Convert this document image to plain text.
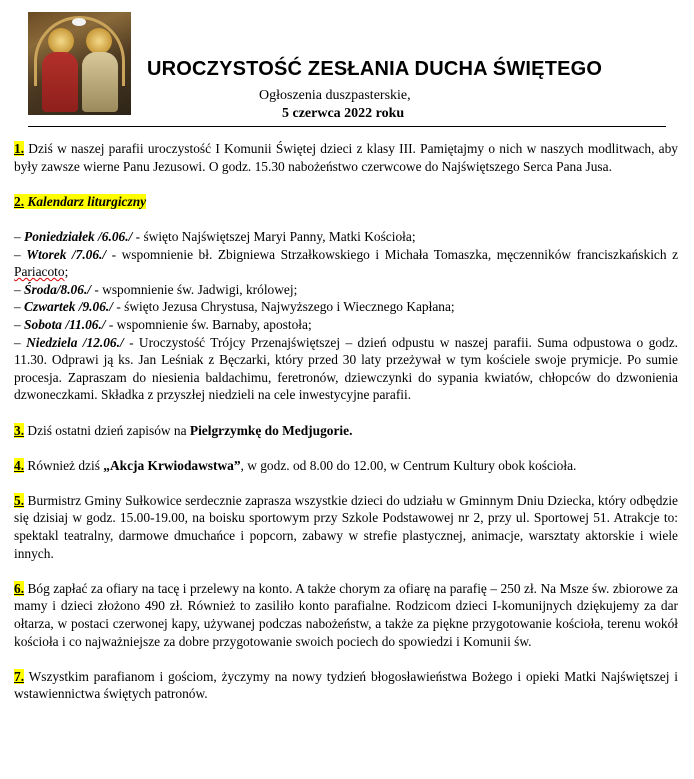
UROCZYSTOŚĆ ZESŁANIA DUCHA ŚWIĘTEGO
Ogłoszenia duszpasterskie,
5 czerwca 2022 roku

1. Dziś w naszej parafii uroczystość I Komunii Świętej dzieci z klasy III. Pamiętajmy o nich w naszych modlitwach, aby były zawsze wierne Panu Jezusowi. O godz. 15.30 nabożeństwo czerwcowe do Najświętszego Serca Pana Jusa.

2. Kalendarz liturgiczny

– Poniedziałek /6.06./ - święto Najświętszej Maryi Panny, Matki Kościoła;
– Wtorek /7.06./ - wspomnienie bł. Zbigniewa Strzałkowskiego i Michała Tomaszka, męczenników franciszkańskich z Pariacoto;
– Środa/8.06./ - wspomnienie św. Jadwigi, królowej;
– Czwartek /9.06./ - święto Jezusa Chrystusa, Najwyższego i Wiecznego Kapłana;
– Sobota /11.06./ - wspomnienie św. Barnaby, apostoła;
– Niedziela /12.06./ - Uroczystość Trójcy Przenajświętszej – dzień odpustu w naszej parafii. Suma odpustowa o godz. 11.30. Odprawi ją ks. Jan Leśniak z Bęczarki, który przed 30 laty przeżywał w tym kościele swoje prymicje. Po sumie procesja. Zapraszam do niesienia baldachimu, feretronów, dziewczynki do sypania kwiatów, chłopców do dzwonienia dzwoneczkami. Składka z przyszłej niedzieli na cele inwestycyjne parafii.

3. Dziś ostatni dzień zapisów na Pielgrzymkę do Medjugorie.

4. Również dziś „Akcja Krwiodawstwa”, w godz. od 8.00 do 12.00, w Centrum Kultury obok kościoła.

5. Burmistrz Gminy Sułkowice serdecznie zaprasza wszystkie dzieci do udziału w Gminnym Dniu Dziecka, który odbędzie się dzisiaj w godz. 15.00-19.00, na boisku sportowym przy Szkole Podstawowej nr 2, przy ul. Sportowej 51. Atrakcje to: spektakl teatralny, darmowe dmuchańce i popcorn, zabawy w strefie plastycznej, animacje, warsztaty aktorskie i wiele innych.

6. Bóg zapłać za ofiary na tacę i przelewy na konto. A także chorym za ofiarę na parafię – 250 zł. Na Msze św. zbiorowe za mamy i dzieci złożono 490 zł. Również to zasiliło konto parafialne. Rodzicom dzieci I-komunijnych dziękujemy za dar ołtarza, w postaci czerwonej kapy, używanej podczas nabożeństw, a także za piękne przygotowanie kościoła, terenu wokół kościoła i co najważniejsze za dobre przygotowanie swoich pociech do spowiedzi i Komunii św.

7. Wszystkim parafianom i gościom, życzymy na nowy tydzień błogosławieństwa Bożego i opieki Matki Najświętszej i wstawiennictwa świętych patronów.
